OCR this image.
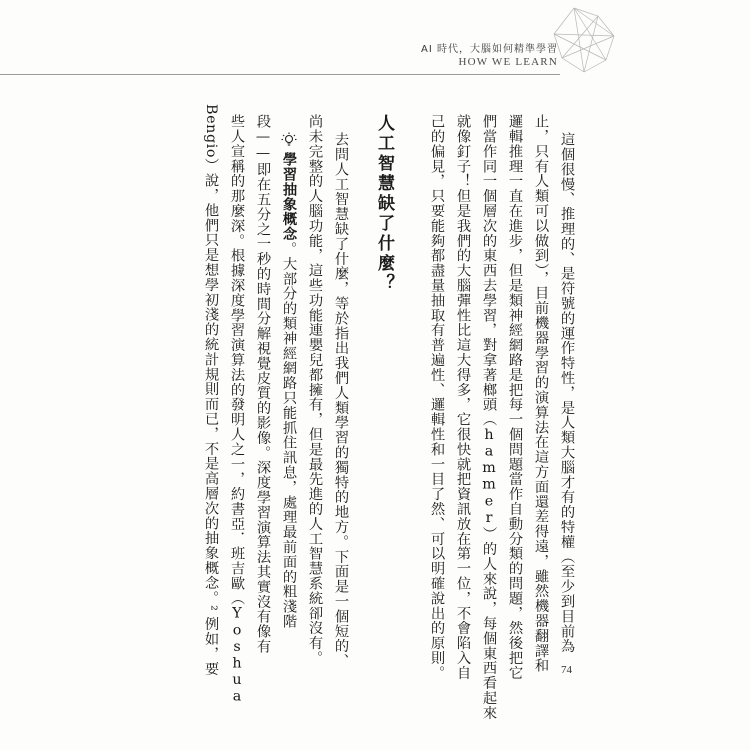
AI 時代，大腦如何精準學習
HOW WE LEARN
這個很慢、推理的、是符號的運作特性，是人類大腦才有的特權（至少到目前為
止，只有人類可以做到），目前機器學習的演算法在這方面還差得遠，雖然機器翻譯和
邏輯推理一直在進步，但是類神經網路是把每一個問題當作自動分類的問題，然後把它
們當作同一個層次的東西去學習，對拿著榔頭（hammer）的人來說，每個東西看起來
就像釘子！但是我們的大腦彈性比這大得多，它很快就把資訊放在第一位，不會陷入自
己的偏見，只要能夠都盡量抽取有普遍性、邏輯性和一目了然、可以明確說出的原則。
人工智慧缺了什麼？
去問人工智慧缺了什麼，等於指出我們人類學習的獨特的地方。下面是一個短的、
尚未完整的人腦功能，這些功能連嬰兒都擁有，但是最先進的人工智慧系統卻沒有。
學習抽象概念。大部分的類神經網路只能抓住訊息，處理最前面的粗淺階
段——即在五分之一秒的時間分解視覺皮質的影像。深度學習演算法其實沒有像有
些人宣稱的那麼深。根據深度學習演算法的發明人之一，約書亞．班吉歐（Yoshua
Bengio）說，他們只是想學初淺的統計規則而已，不是高層次的抽象概念。² 例如，要	74
